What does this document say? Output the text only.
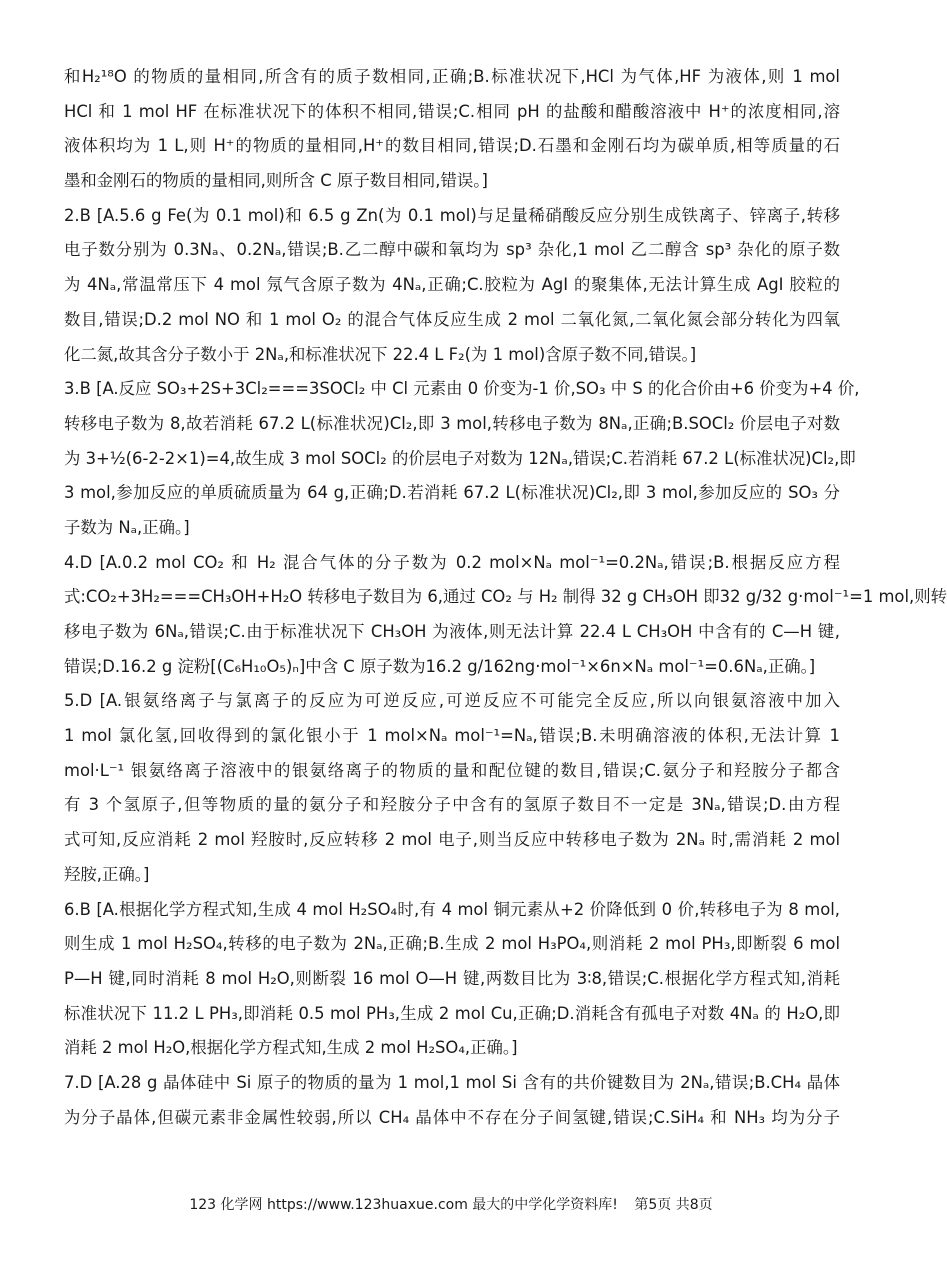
和H₂¹⁸O 的物质的量相同,所含有的质子数相同,正确;B.标准状况下,HCl 为气体,HF 为液体,则 1 mol
HCl 和 1 mol HF 在标准状况下的体积不相同,错误;C.相同 pH 的盐酸和醋酸溶液中 H⁺的浓度相同,溶
液体积均为 1 L,则 H⁺的物质的量相同,H⁺的数目相同,错误;D.石墨和金刚石均为碳单质,相等质量的石
墨和金刚石的物质的量相同,则所含 C 原子数目相同,错误。]
2.B [A.5.6 g Fe(为 0.1 mol)和 6.5 g Zn(为 0.1 mol)与足量稀硝酸反应分别生成铁离子、锌离子,转移
电子数分别为 0.3Nₐ、0.2Nₐ,错误;B.乙二醇中碳和氧均为 sp³ 杂化,1 mol 乙二醇含 sp³ 杂化的原子数
为 4Nₐ,常温常压下 4 mol 氖气含原子数为 4Nₐ,正确;C.胶粒为 AgI 的聚集体,无法计算生成 AgI 胶粒的
数目,错误;D.2 mol NO 和 1 mol O₂ 的混合气体反应生成 2 mol 二氧化氮,二氧化氮会部分转化为四氧
化二氮,故其含分子数小于 2Nₐ,和标准状况下 22.4 L F₂(为 1 mol)含原子数不同,错误。]
3.B [A.反应 SO₃+2S+3Cl₂===3SOCl₂ 中 Cl 元素由 0 价变为-1 价,SO₃ 中 S 的化合价由+6 价变为+4 价,
转移电子数为 8,故若消耗 67.2 L(标准状况)Cl₂,即 3 mol,转移电子数为 8Nₐ,正确;B.SOCl₂ 价层电子对数
为 3+½(6-2-2×1)=4,故生成 3 mol SOCl₂ 的价层电子对数为 12Nₐ,错误;C.若消耗 67.2 L(标准状况)Cl₂,即
3 mol,参加反应的单质硫质量为 64 g,正确;D.若消耗 67.2 L(标准状况)Cl₂,即 3 mol,参加反应的 SO₃ 分
子数为 Nₐ,正确。]
4.D [A.0.2 mol CO₂ 和 H₂ 混合气体的分子数为 0.2 mol×Nₐ mol⁻¹=0.2Nₐ,错误;B.根据反应方程
式:CO₂+3H₂===CH₃OH+H₂O 转移电子数目为 6,通过 CO₂ 与 H₂ 制得 32 g CH₃OH 即32 g/32 g·mol⁻¹=1 mol,则转
移电子数为 6Nₐ,错误;C.由于标准状况下 CH₃OH 为液体,则无法计算 22.4 L CH₃OH 中含有的 C—H 键,
错误;D.16.2 g 淀粉[(C₆H₁₀O₅)ₙ]中含 C 原子数为16.2 g/162ng·mol⁻¹×6n×Nₐ mol⁻¹=0.6Nₐ,正确。]
5.D [A.银氨络离子与氯离子的反应为可逆反应,可逆反应不可能完全反应,所以向银氨溶液中加入
1 mol 氯化氢,回收得到的氯化银小于 1 mol×Nₐ mol⁻¹=Nₐ,错误;B.未明确溶液的体积,无法计算 1
mol·L⁻¹ 银氨络离子溶液中的银氨络离子的物质的量和配位键的数目,错误;C.氨分子和羟胺分子都含
有 3 个氢原子,但等物质的量的氨分子和羟胺分子中含有的氢原子数目不一定是 3Nₐ,错误;D.由方程
式可知,反应消耗 2 mol 羟胺时,反应转移 2 mol 电子,则当反应中转移电子数为 2Nₐ 时,需消耗 2 mol
羟胺,正确。]
6.B [A.根据化学方程式知,生成 4 mol H₂SO₄时,有 4 mol 铜元素从+2 价降低到 0 价,转移电子为 8 mol,
则生成 1 mol H₂SO₄,转移的电子数为 2Nₐ,正确;B.生成 2 mol H₃PO₄,则消耗 2 mol PH₃,即断裂 6 mol
P—H 键,同时消耗 8 mol H₂O,则断裂 16 mol O—H 键,两数目比为 3∶8,错误;C.根据化学方程式知,消耗
标准状况下 11.2 L PH₃,即消耗 0.5 mol PH₃,生成 2 mol Cu,正确;D.消耗含有孤电子对数 4Nₐ 的 H₂O,即
消耗 2 mol H₂O,根据化学方程式知,生成 2 mol H₂SO₄,正确。]
7.D [A.28 g 晶体硅中 Si 原子的物质的量为 1 mol,1 mol Si 含有的共价键数目为 2Nₐ,错误;B.CH₄ 晶体
为分子晶体,但碳元素非金属性较弱,所以 CH₄ 晶体中不存在分子间氢键,错误;C.SiH₄ 和 NH₃ 均为分子
123 化学网 https://www.123huaxue.com 最大的中学化学资料库! 第5页 共8页
